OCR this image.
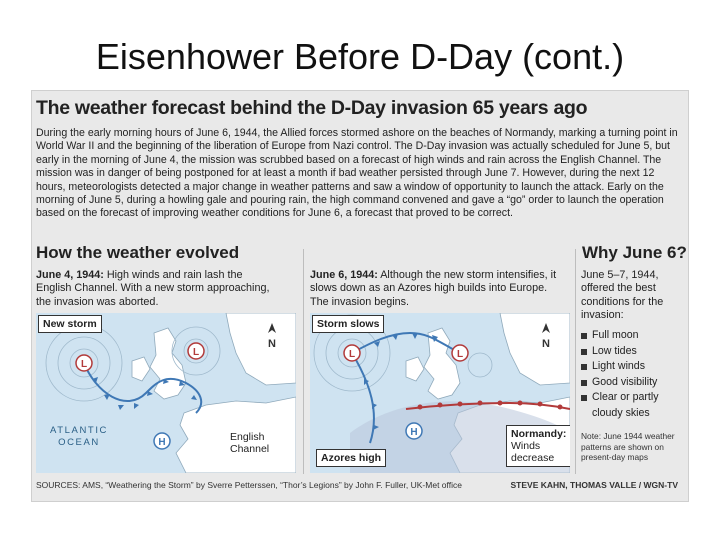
Eisenhower Before D-Day (cont.)
The weather forecast behind the D-Day invasion 65 years ago
During the early morning hours of June 6, 1944, the Allied forces stormed ashore on the beaches of Normandy, marking a turning point in World War II and the beginning of the liberation of Europe from Nazi control. The D-Day invasion was actually scheduled for June 5, but early in the morning of June 4, the mission was scrubbed based on a forecast of high winds and rain across the English Channel. The mission was in danger of being postponed for at least a month if bad weather persisted through June 7. However, during the next 12 hours, meteorologists detected a major change in weather patterns and saw a window of opportunity to launch the attack. Early on the morning of June 5, during a howling gale and pouring rain, the high command convened and gave a “go” order to launch the operation based on the forecast of improving weather conditions for June 6, a forecast that proved to be correct.
How the weather evolved	Why June 6?
June 4, 1944: High winds and rain lash the English Channel. With a new storm approaching, the invasion was aborted.
June 6, 1944: Although the new storm intensifies, it slows down as an Azores high builds into Europe. The invasion begins.
L
L
H
N
New storm
ATLANTIC
OCEAN	English
Channel
L	L
H
N
Storm slows
Azores high
Normandy:
Winds
decrease
June 5–7, 1944, offered the best conditions for the invasion:
Full moon
Low tides
Light winds
Good visibility
Clear or partly cloudy skies
Note: June 1944 weather patterns are shown on present-day maps
SOURCES: AMS, “Weathering the Storm” by Sverre Petterssen, “Thor’s Legions” by John F. Fuller, UK-Met office	STEVE KAHN, THOMAS VALLE / WGN-TV
